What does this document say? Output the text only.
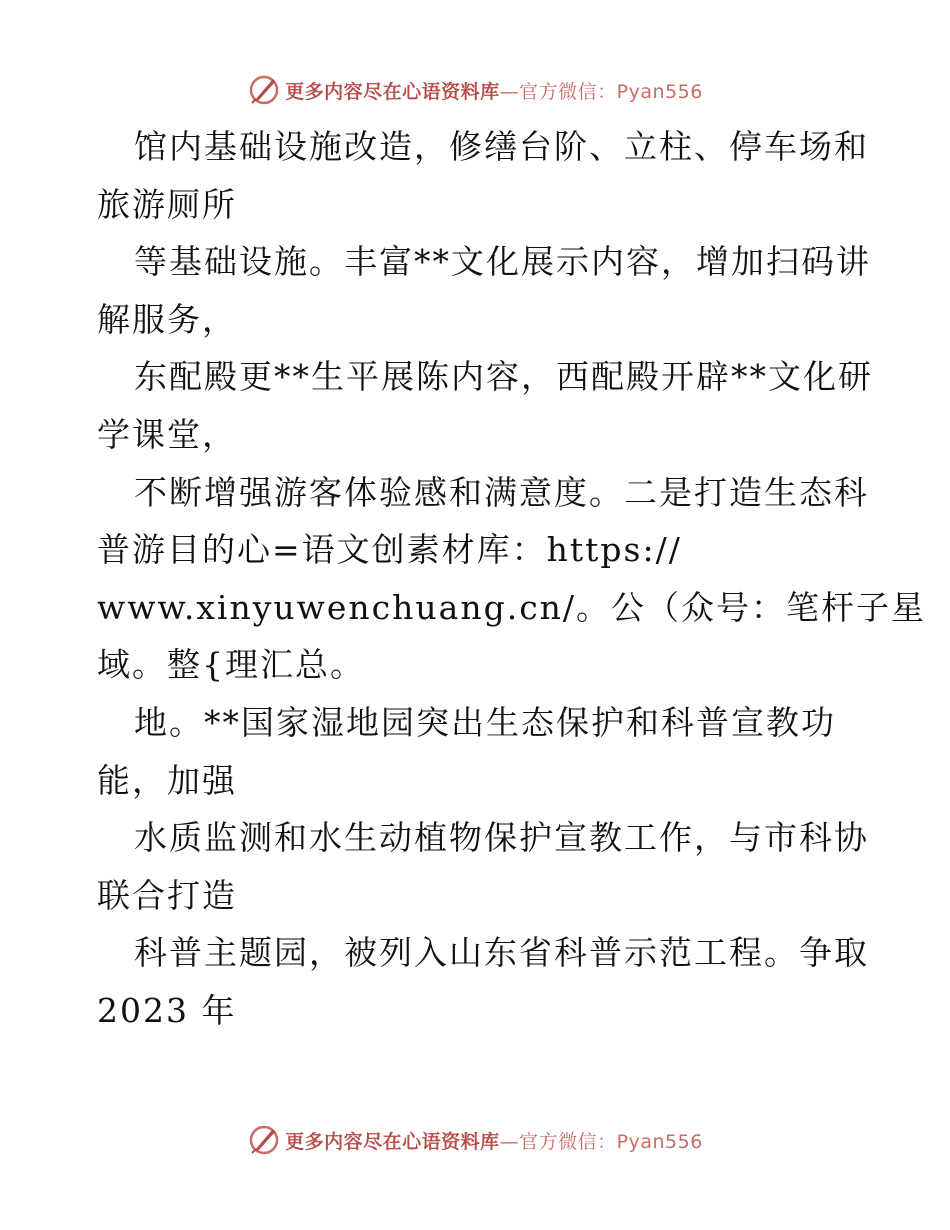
更多内容尽在心语资料库—官方微信：Pyan556
馆内基础设施改造，修缮台阶、立柱、停车场和
旅游厕所
等基础设施。丰富**文化展示内容，增加扫码讲
解服务，
东配殿更**生平展陈内容，西配殿开辟**文化研
学课堂，
不断增强游客体验感和满意度。二是打造生态科
普游目的心=语文创素材库：https://
www.xinyuwenchuang.cn/。公（众号：笔杆子星
域。整{理汇总。
地。**国家湿地园突出生态保护和科普宣教功
能，加强
水质监测和水生动植物保护宣教工作，与市科协
联合打造
科普主题园，被列入山东省科普示范工程。争取
2023 年
更多内容尽在心语资料库—官方微信：Pyan556
